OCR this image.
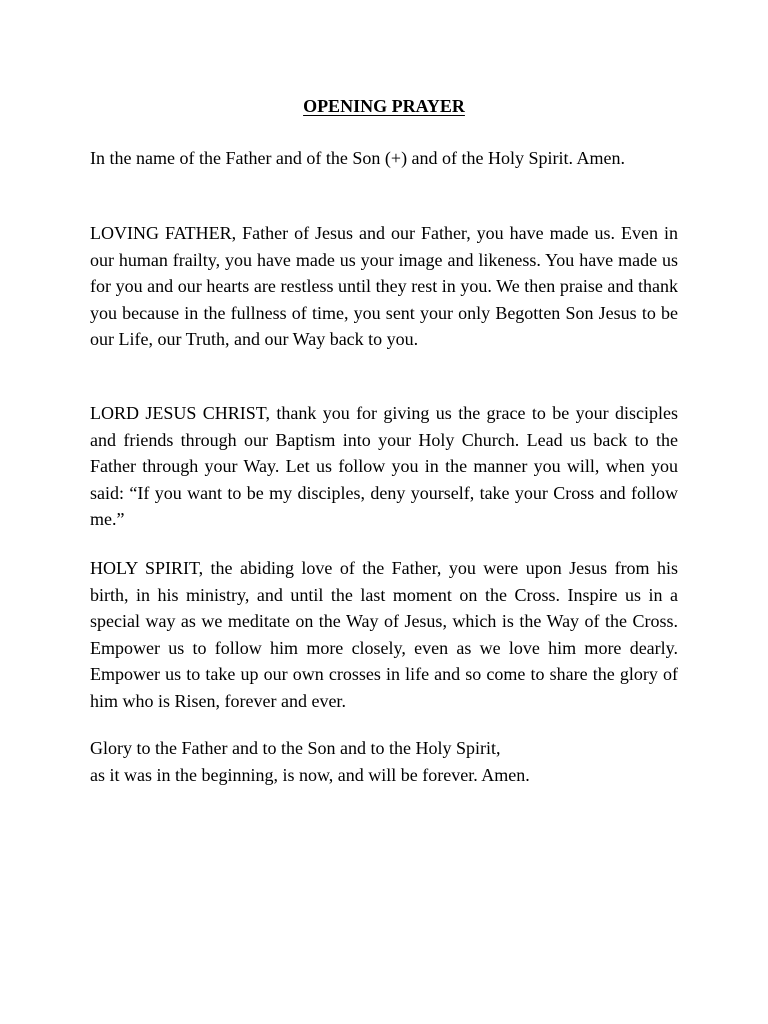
OPENING PRAYER

In the name of the Father and of the Son (+) and of the Holy Spirit. Amen.

LOVING FATHER, Father of Jesus and our Father, you have made us. Even in our human frailty, you have made us your image and likeness. You have made us for you and our hearts are restless until they rest in you. We then praise and thank you because in the fullness of time, you sent your only Begotten Son Jesus to be our Life, our Truth, and our Way back to you.

LORD JESUS CHRIST, thank you for giving us the grace to be your disciples and friends through our Baptism into your Holy Church. Lead us back to the Father through your Way. Let us follow you in the manner you will, when you said: “If you want to be my disciples, deny yourself, take your Cross and follow me.”

HOLY SPIRIT, the abiding love of the Father, you were upon Jesus from his birth, in his ministry, and until the last moment on the Cross. Inspire us in a special way as we meditate on the Way of Jesus, which is the Way of the Cross. Empower us to follow him more closely, even as we love him more dearly. Empower us to take up our own crosses in life and so come to share the glory of him who is Risen, forever and ever.

Glory to the Father and to the Son and to the Holy Spirit,
as it was in the beginning, is now, and will be forever. Amen.
